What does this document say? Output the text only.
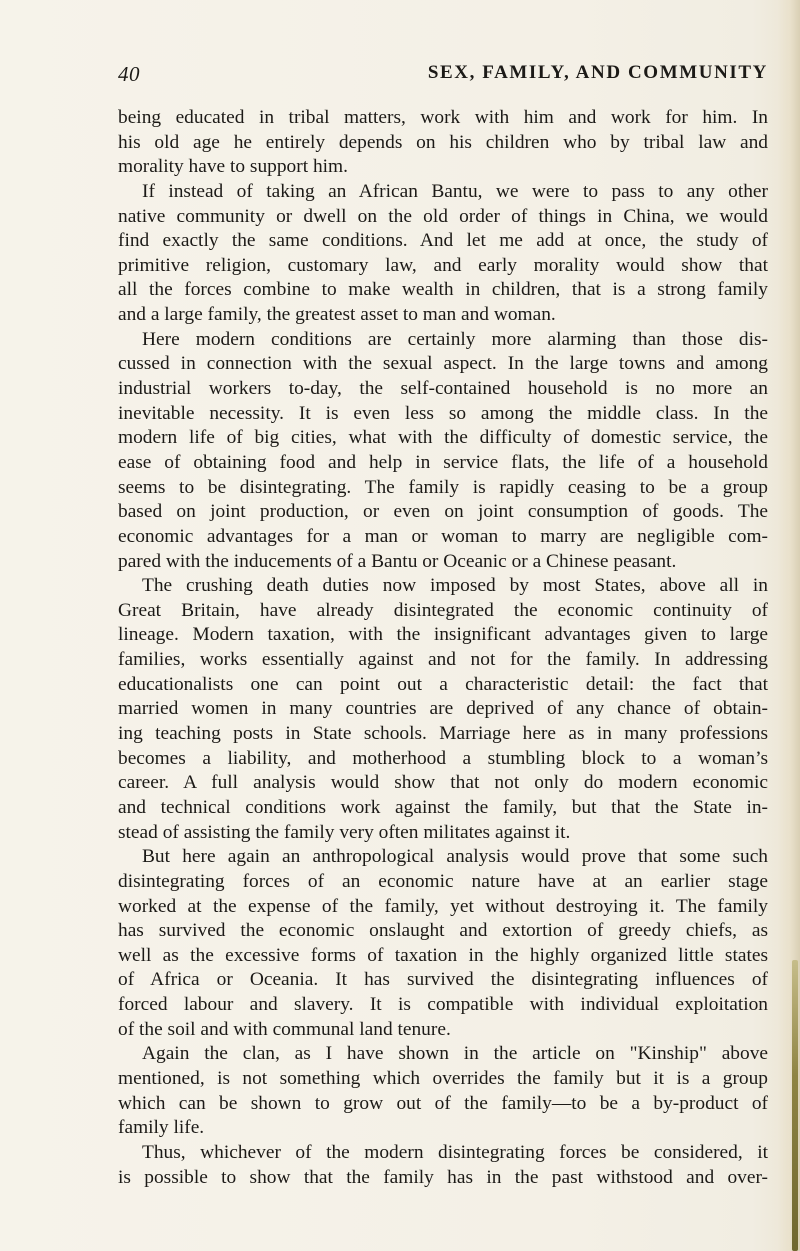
40	SEX, FAMILY, AND COMMUNITY
being educated in tribal matters, work with him and work for him. In
his old age he entirely depends on his children who by tribal law and
morality have to support him.
If instead of taking an African Bantu, we were to pass to any other
native community or dwell on the old order of things in China, we would
find exactly the same conditions. And let me add at once, the study of
primitive religion, customary law, and early morality would show that
all the forces combine to make wealth in children, that is a strong family
and a large family, the greatest asset to man and woman.
Here modern conditions are certainly more alarming than those dis-
cussed in connection with the sexual aspect. In the large towns and among
industrial workers to-day, the self-contained household is no more an
inevitable necessity. It is even less so among the middle class. In the
modern life of big cities, what with the difficulty of domestic service, the
ease of obtaining food and help in service flats, the life of a household
seems to be disintegrating. The family is rapidly ceasing to be a group
based on joint production, or even on joint consumption of goods. The
economic advantages for a man or woman to marry are negligible com-
pared with the inducements of a Bantu or Oceanic or a Chinese peasant.
The crushing death duties now imposed by most States, above all in
Great Britain, have already disintegrated the economic continuity of
lineage. Modern taxation, with the insignificant advantages given to large
families, works essentially against and not for the family. In addressing
educationalists one can point out a characteristic detail: the fact that
married women in many countries are deprived of any chance of obtain-
ing teaching posts in State schools. Marriage here as in many professions
becomes a liability, and motherhood a stumbling block to a woman’s
career. A full analysis would show that not only do modern economic
and technical conditions work against the family, but that the State in-
stead of assisting the family very often militates against it.
But here again an anthropological analysis would prove that some such
disintegrating forces of an economic nature have at an earlier stage
worked at the expense of the family, yet without destroying it. The family
has survived the economic onslaught and extortion of greedy chiefs, as
well as the excessive forms of taxation in the highly organized little states
of Africa or Oceania. It has survived the disintegrating influences of
forced labour and slavery. It is compatible with individual exploitation
of the soil and with communal land tenure.
Again the clan, as I have shown in the article on "Kinship" above
mentioned, is not something which overrides the family but it is a group
which can be shown to grow out of the family—to be a by-product of
family life.
Thus, whichever of the modern disintegrating forces be considered, it
is possible to show that the family has in the past withstood and over-
